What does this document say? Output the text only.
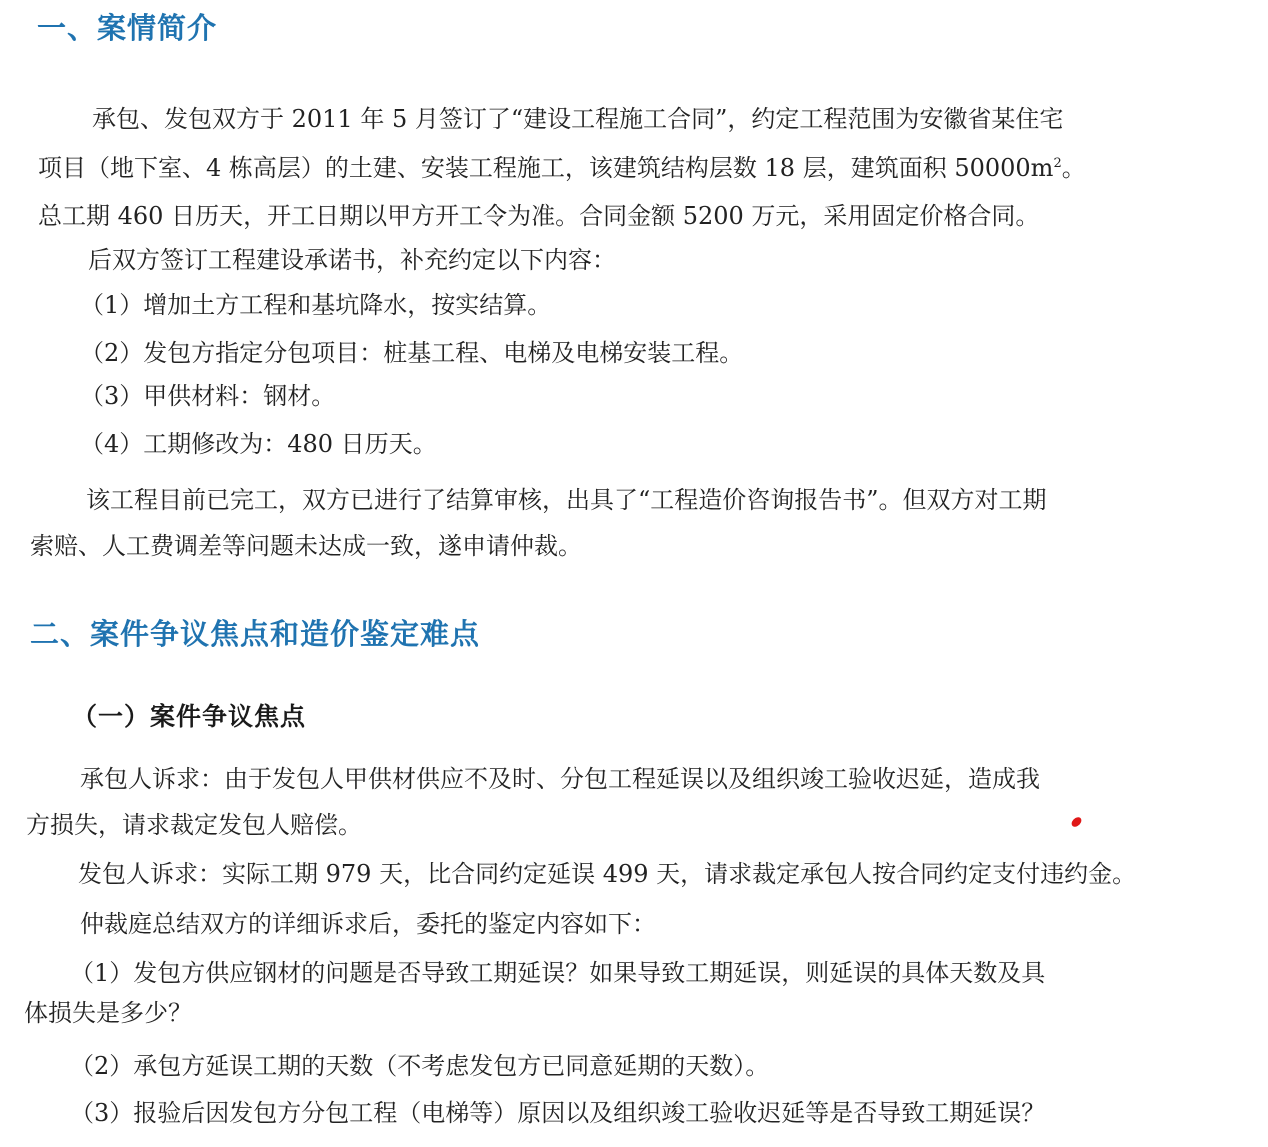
一、案情简介

承包、发包双方于 2011 年 5 月签订了“建设工程施工合同”，约定工程范围为安徽省某住宅

项目（地下室、4 栋高层）的土建、安装工程施工，该建筑结构层数 18 层，建筑面积 $50000m^2$。

总工期 460 日历天，开工日期以甲方开工令为准。合同金额 5200 万元，采用固定价格合同。

后双方签订工程建设承诺书，补充约定以下内容：

（1）增加土方工程和基坑降水，按实结算。

（2）发包方指定分包项目：桩基工程、电梯及电梯安装工程。

（3）甲供材料：钢材。

（4）工期修改为：480 日历天。

该工程目前已完工，双方已进行了结算审核，出具了“工程造价咨询报告书”。但双方对工期

索赔、人工费调差等问题未达成一致，遂申请仲裁。

二、案件争议焦点和造价鉴定难点
（一）案件争议焦点

承包人诉求：由于发包人甲供材供应不及时、分包工程延误以及组织竣工验收迟延，造成我

方损失，请求裁定发包人赔偿。

发包人诉求：实际工期 979 天，比合同约定延误 499 天，请求裁定承包人按合同约定支付违约金。

仲裁庭总结双方的详细诉求后，委托的鉴定内容如下：

（1）发包方供应钢材的问题是否导致工期延误？如果导致工期延误，则延误的具体天数及具

体损失是多少？

（2）承包方延误工期的天数（不考虑发包方已同意延期的天数）。

（3）报验后因发包方分包工程（电梯等）原因以及组织竣工验收迟延等是否导致工期延误？
